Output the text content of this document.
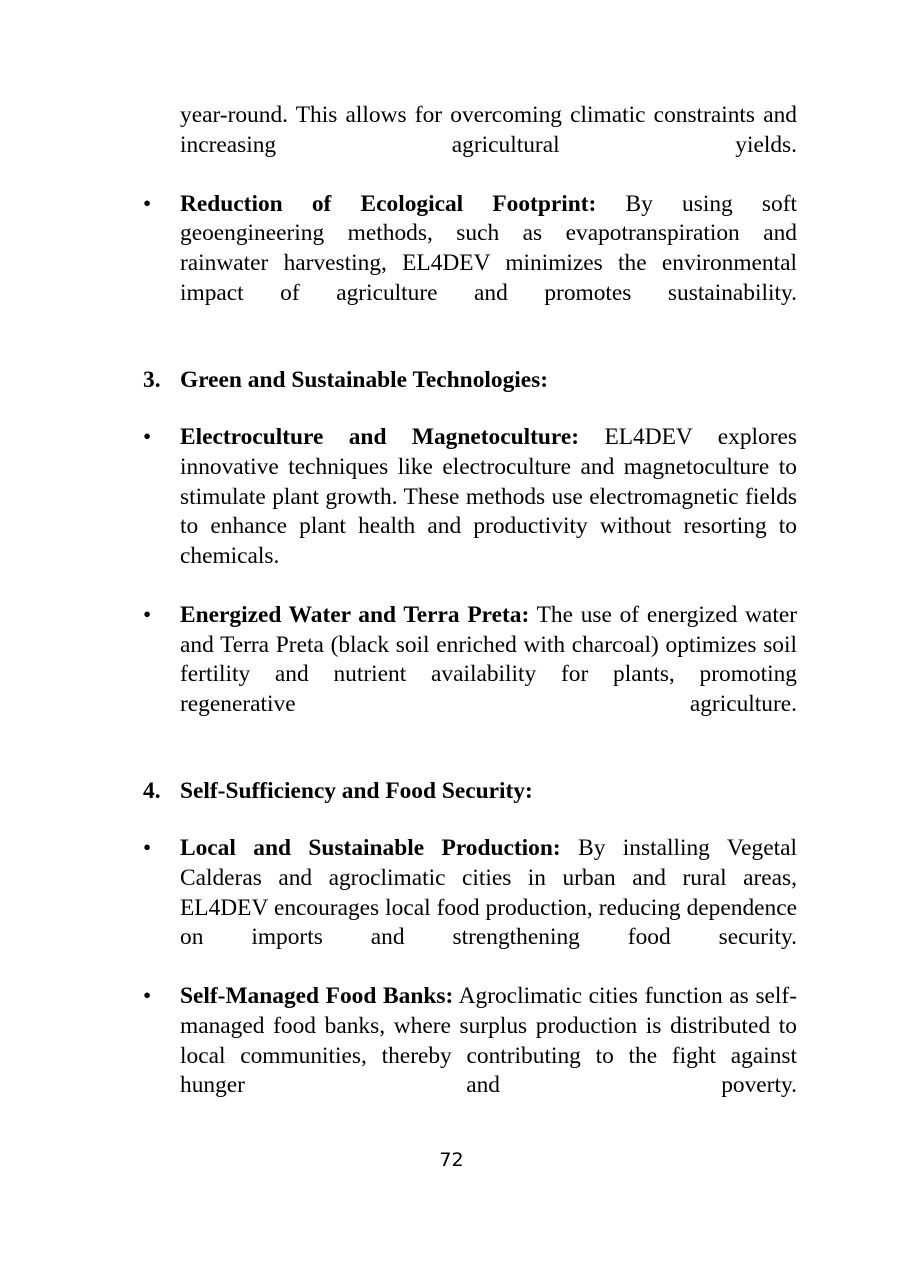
year-round. This allows for overcoming climatic constraints and increasing agricultural yields.

•	Reduction of Ecological Footprint: By using soft geoengineering methods, such as evapotranspiration and rainwater harvesting, EL4DEV minimizes the environmental impact of agriculture and promotes sustainability.

3. Green and Sustainable Technologies:

•	Electroculture and Magnetoculture: EL4DEV explores innovative techniques like electroculture and magnetoculture to stimulate plant growth. These methods use electromagnetic fields to enhance plant health and productivity without resorting to chemicals.

•	Energized Water and Terra Preta: The use of energized water and Terra Preta (black soil enriched with charcoal) optimizes soil fertility and nutrient availability for plants, promoting regenerative agriculture.

4. Self-Sufficiency and Food Security:

•	Local and Sustainable Production: By installing Vegetal Calderas and agroclimatic cities in urban and rural areas, EL4DEV encourages local food production, reducing dependence on imports and strengthening food security.

•	Self-Managed Food Banks: Agroclimatic cities function as self-managed food banks, where surplus production is distributed to local communities, thereby contributing to the fight against hunger and poverty.

72
